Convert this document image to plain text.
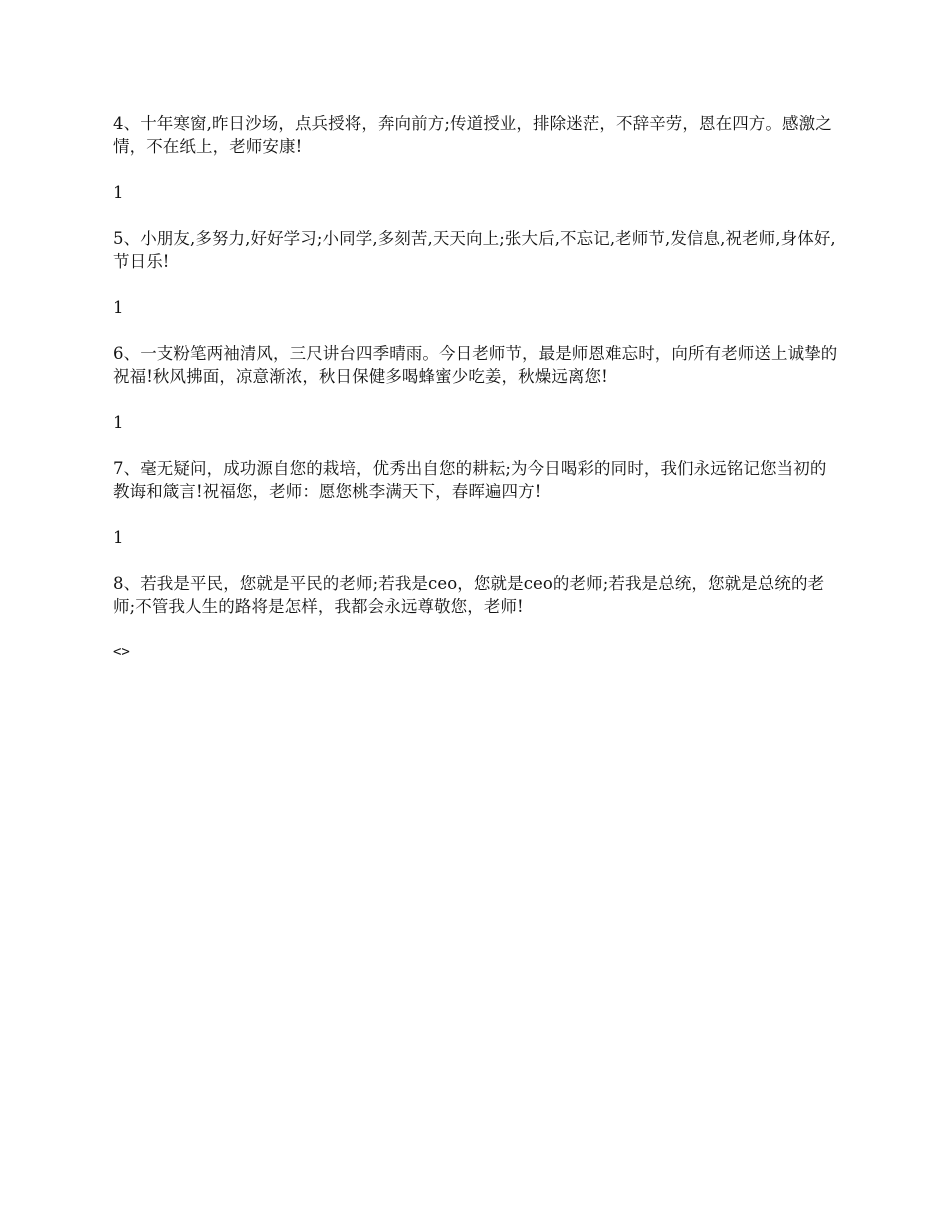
4、十年寒窗,昨日沙场，点兵授将，奔向前方;传道授业，排除迷茫，不辞辛劳，恩在四方。感激之情，不在纸上，老师安康!

1

5、小朋友,多努力,好好学习;小同学,多刻苦,天天向上;张大后,不忘记,老师节,发信息,祝老师,身体好,节日乐!

1

6、一支粉笔两袖清风，三尺讲台四季晴雨。今日老师节，最是师恩难忘时，向所有老师送上诚挚的祝福!秋风拂面，凉意渐浓，秋日保健多喝蜂蜜少吃姜，秋燥远离您!

1

7、毫无疑问，成功源自您的栽培，优秀出自您的耕耘;为今日喝彩的同时，我们永远铭记您当初的教诲和箴言!祝福您，老师：愿您桃李满天下，春晖遍四方!

1

8、若我是平民，您就是平民的老师;若我是ceo，您就是ceo的老师;若我是总统，您就是总统的老师;不管我人生的路将是怎样，我都会永远尊敬您，老师!

<>
